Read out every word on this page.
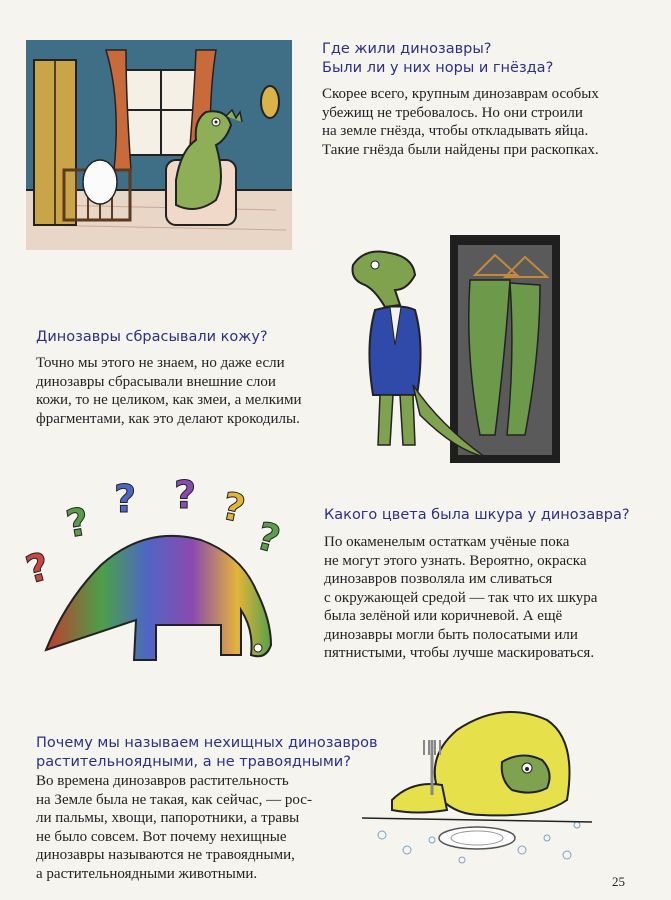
Где жили динозавры?
Были ли у них норы и гнёзда?

Скорее всего, крупным динозаврам особых
убежищ не требовалось. Но они строили
на земле гнёзда, чтобы откладывать яйца.
Такие гнёзда были найдены при раскопках.

Динозавры сбрасывали кожу?

Точно мы этого не знаем, но даже если
динозавры сбрасывали внешние слои
кожи, то не целиком, как змеи, а мелкими
фрагментами, как это делают крокодилы.

?
?
? ? ?
?	Какого цвета была шкура у динозавра?

По окаменелым остаткам учёные пока
не могут этого узнать. Вероятно, окраска
динозавров позволяла им сливаться
с окружающей средой — так что их шкура
была зелёной или коричневой. А ещё
динозавры могли быть полосатыми или
пятнистыми, чтобы лучше маскироваться.

Почему мы называем нехищных динозавров
растительноядными, а не травоядными?

Во времена динозавров растительность
на Земле была не такая, как сейчас, — рос-
ли пальмы, хвощи, папоротники, а травы
не было совсем. Вот почему нехищные
динозавры называются не травоядными,
а растительноядными животными.	25
